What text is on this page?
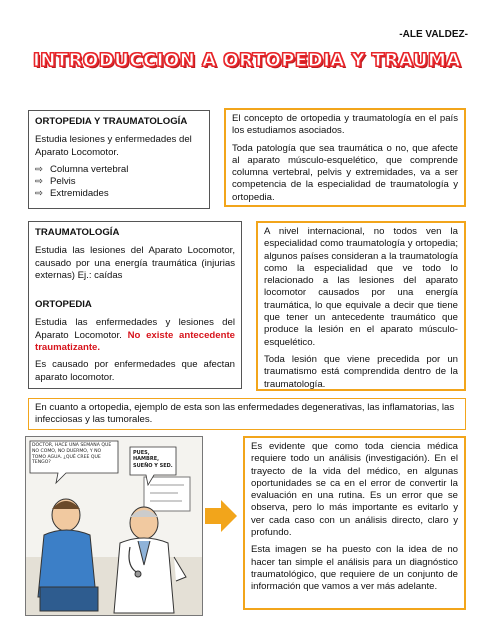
-ALE VALDEZ-
INTRODUCCION A ORTOPEDIA Y TRAUMA
ORTOPEDIA Y TRAUMATOLOGÍA

Estudia lesiones y enfermedades del Aparato Locomotor.

⇨ Columna vertebral
⇨ Pelvis
⇨ Extremidades

El concepto de ortopedia y traumatología en el país los estudiamos asociados.

Toda patología que sea traumática o no, que afecte al aparato músculo-esquelético, que comprende columna vertebral, pelvis y extremidades, va a ser competencia de la especialidad de traumatología y ortopedia.

TRAUMATOLOGÍA

Estudia las lesiones del Aparato Locomotor, causado por una energía traumática (injurias externas) Ej.: caídas

ORTOPEDIA

Estudia las enfermedades y lesiones del Aparato Locomotor. No existe antecedente traumatizante.

Es causado por enfermedades que afectan aparato locomotor.

A nivel internacional, no todos ven la especialidad como traumatología y ortopedia; algunos países consideran a la traumatología como la especialidad que ve todo lo relacionado a las lesiones del aparato locomotor causados por una energía traumática, lo que equivale a decir que tiene que tener un antecedente traumático que produce la lesión en el aparato músculo-esquelético.

Toda lesión que viene precedida por un traumatismo está comprendida dentro de la traumatología.

En cuanto a ortopedia, ejemplo de esta son las enfermedades degenerativas, las inflamatorias, las infecciosas y las tumorales.

DOCTOR, HACE UNA SEMANA QUE NO COMO, NO DUERMO, Y NO TOMO AGUA. ¿QUÉ CREE QUE TENGO?
PUES, HAMBRE, SUEÑO Y SED.

Es evidente que como toda ciencia médica requiere todo un análisis (investigación). En el trayecto de la vida del médico, en algunas oportunidades se ca en el error de convertir la evaluación en una rutina. Es un error que se observa, pero lo más importante es evitarlo y ver cada caso con un análisis directo, claro y profundo.

Esta imagen se ha puesto con la idea de no hacer tan simple el análisis para un diagnóstico traumatológico, que requiere de un conjunto de información que vamos a ver más adelante.
